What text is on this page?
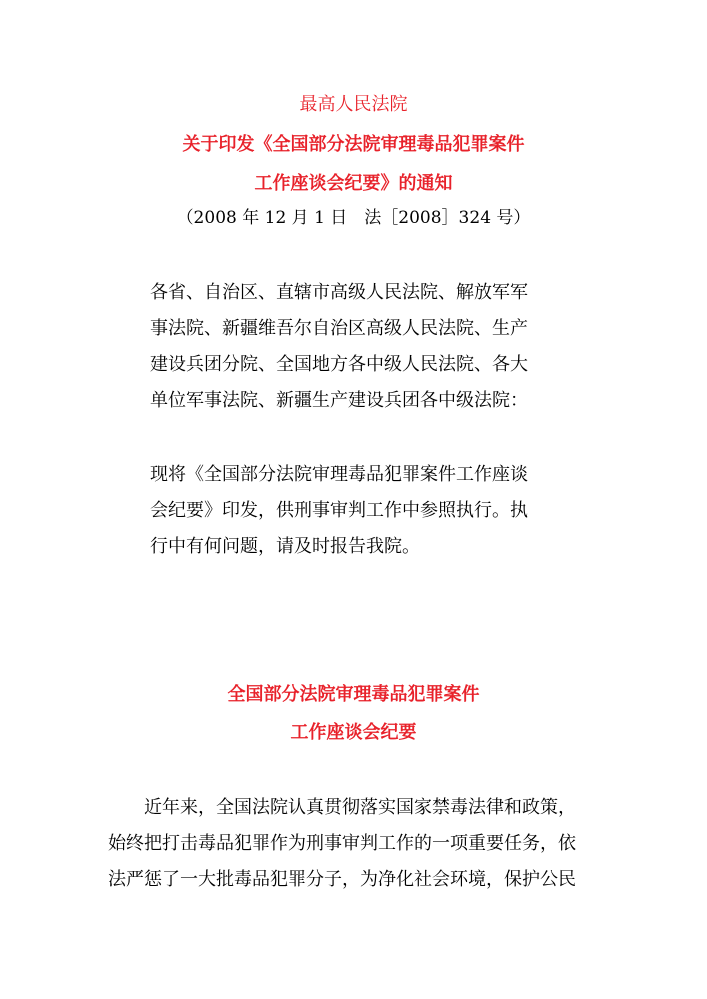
最高人民法院
关于印发《全国部分法院审理毒品犯罪案件
工作座谈会纪要》的通知
（2008 年 12 月 1 日　法［2008］324 号）
各省、自治区、直辖市高级人民法院、解放军军
事法院、新疆维吾尔自治区高级人民法院、生产
建设兵团分院、全国地方各中级人民法院、各大
单位军事法院、新疆生产建设兵团各中级法院：
现将《全国部分法院审理毒品犯罪案件工作座谈
会纪要》印发，供刑事审判工作中参照执行。执
行中有何问题，请及时报告我院。
全国部分法院审理毒品犯罪案件
工作座谈会纪要
　　近年来，全国法院认真贯彻落实国家禁毒法律和政策，
始终把打击毒品犯罪作为刑事审判工作的一项重要任务，依
法严惩了一大批毒品犯罪分子，为净化社会环境，保护公民
